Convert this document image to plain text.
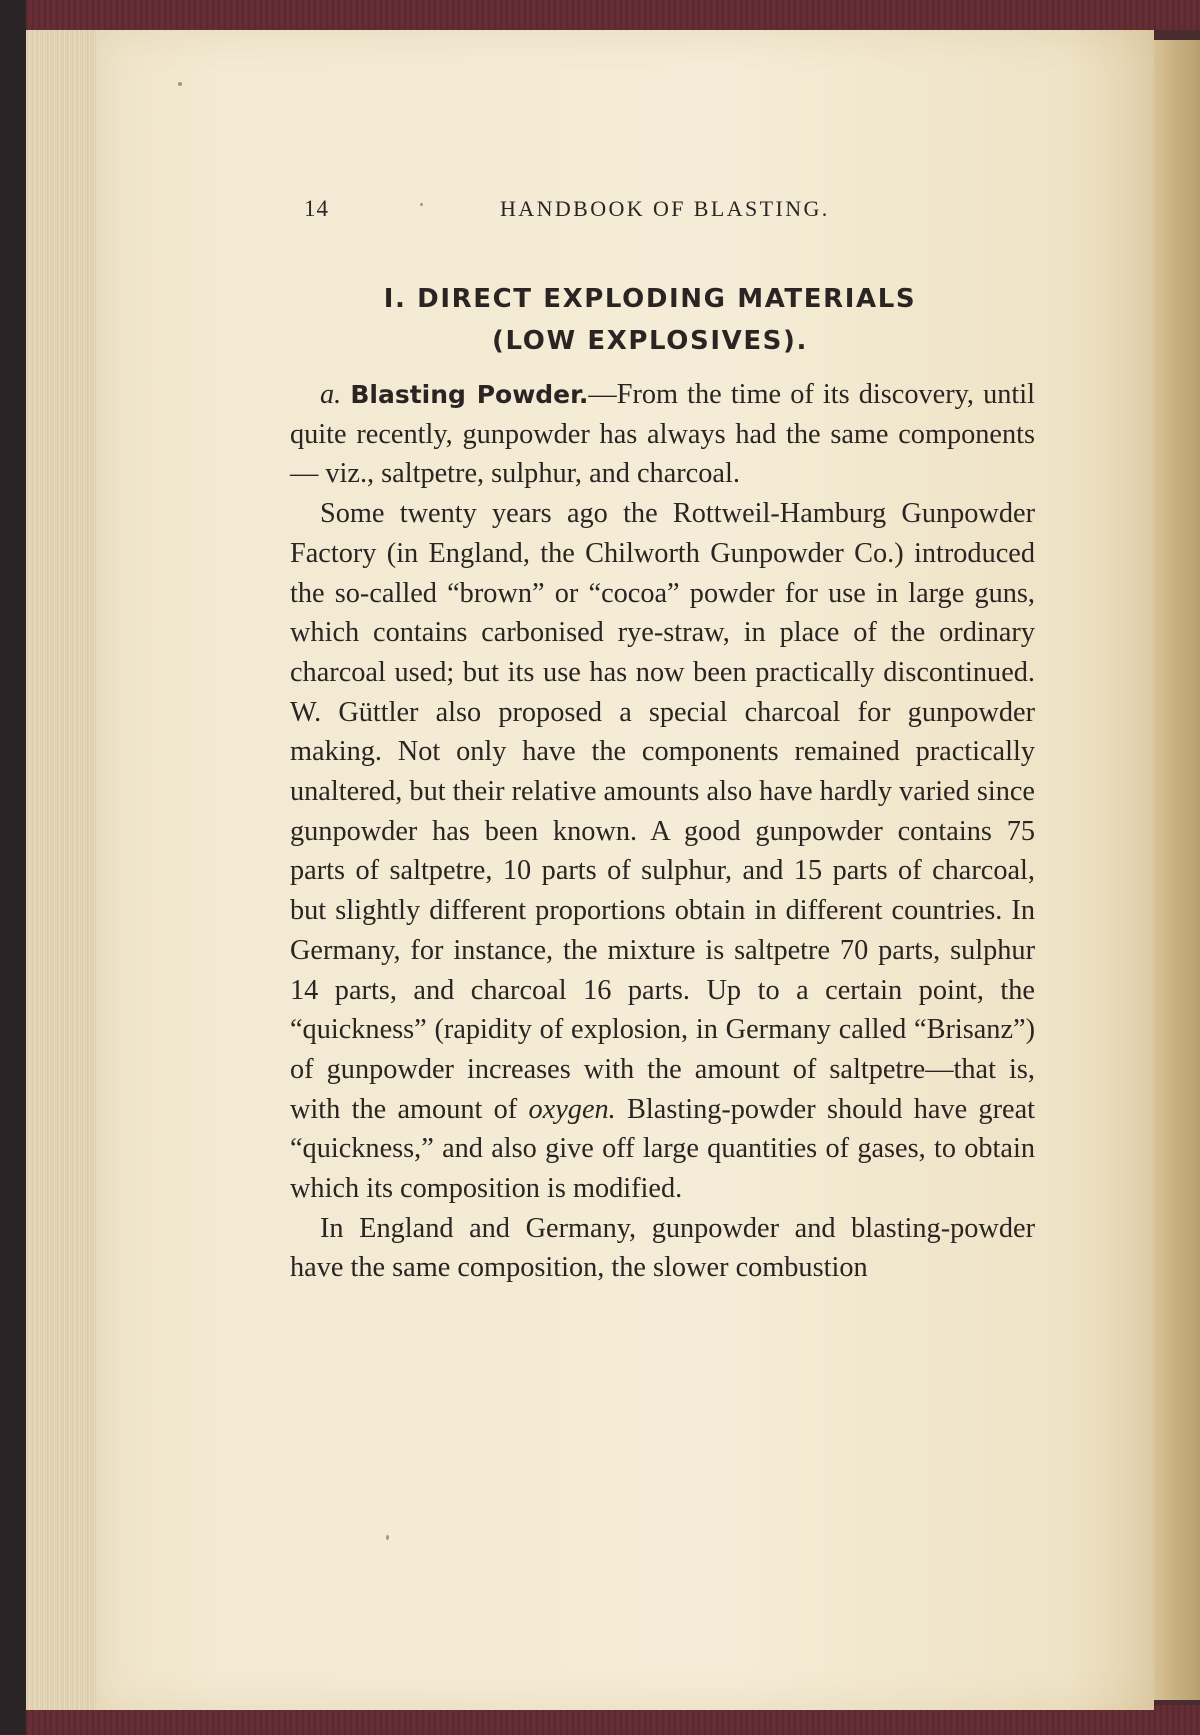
14	HANDBOOK OF BLASTING.
I. DIRECT EXPLODING MATERIALS
(LOW EXPLOSIVES).

a. Blasting Powder.—From the time of its discovery, until quite recently, gunpowder has always had the same components — viz., saltpetre, sulphur, and charcoal.

Some twenty years ago the Rottweil-Hamburg Gunpowder Factory (in England, the Chilworth Gunpowder Co.) introduced the so-called “brown” or “cocoa” powder for use in large guns, which contains carbonised rye-straw, in place of the ordinary charcoal used; but its use has now been practically discontinued. W. Güttler also proposed a special charcoal for gunpowder making. Not only have the components remained practically unaltered, but their relative amounts also have hardly varied since gunpowder has been known. A good gunpowder contains 75 parts of saltpetre, 10 parts of sulphur, and 15 parts of charcoal, but slightly different proportions obtain in different countries. In Germany, for instance, the mixture is saltpetre 70 parts, sulphur 14 parts, and charcoal 16 parts. Up to a certain point, the “quickness” (rapidity of explosion, in Germany called “Brisanz”) of gunpowder increases with the amount of saltpetre—that is, with the amount of oxygen. Blasting-powder should have great “quickness,” and also give off large quantities of gases, to obtain which its composition is modified.

In England and Germany, gunpowder and blasting-powder have the same composition, the slower combustion
